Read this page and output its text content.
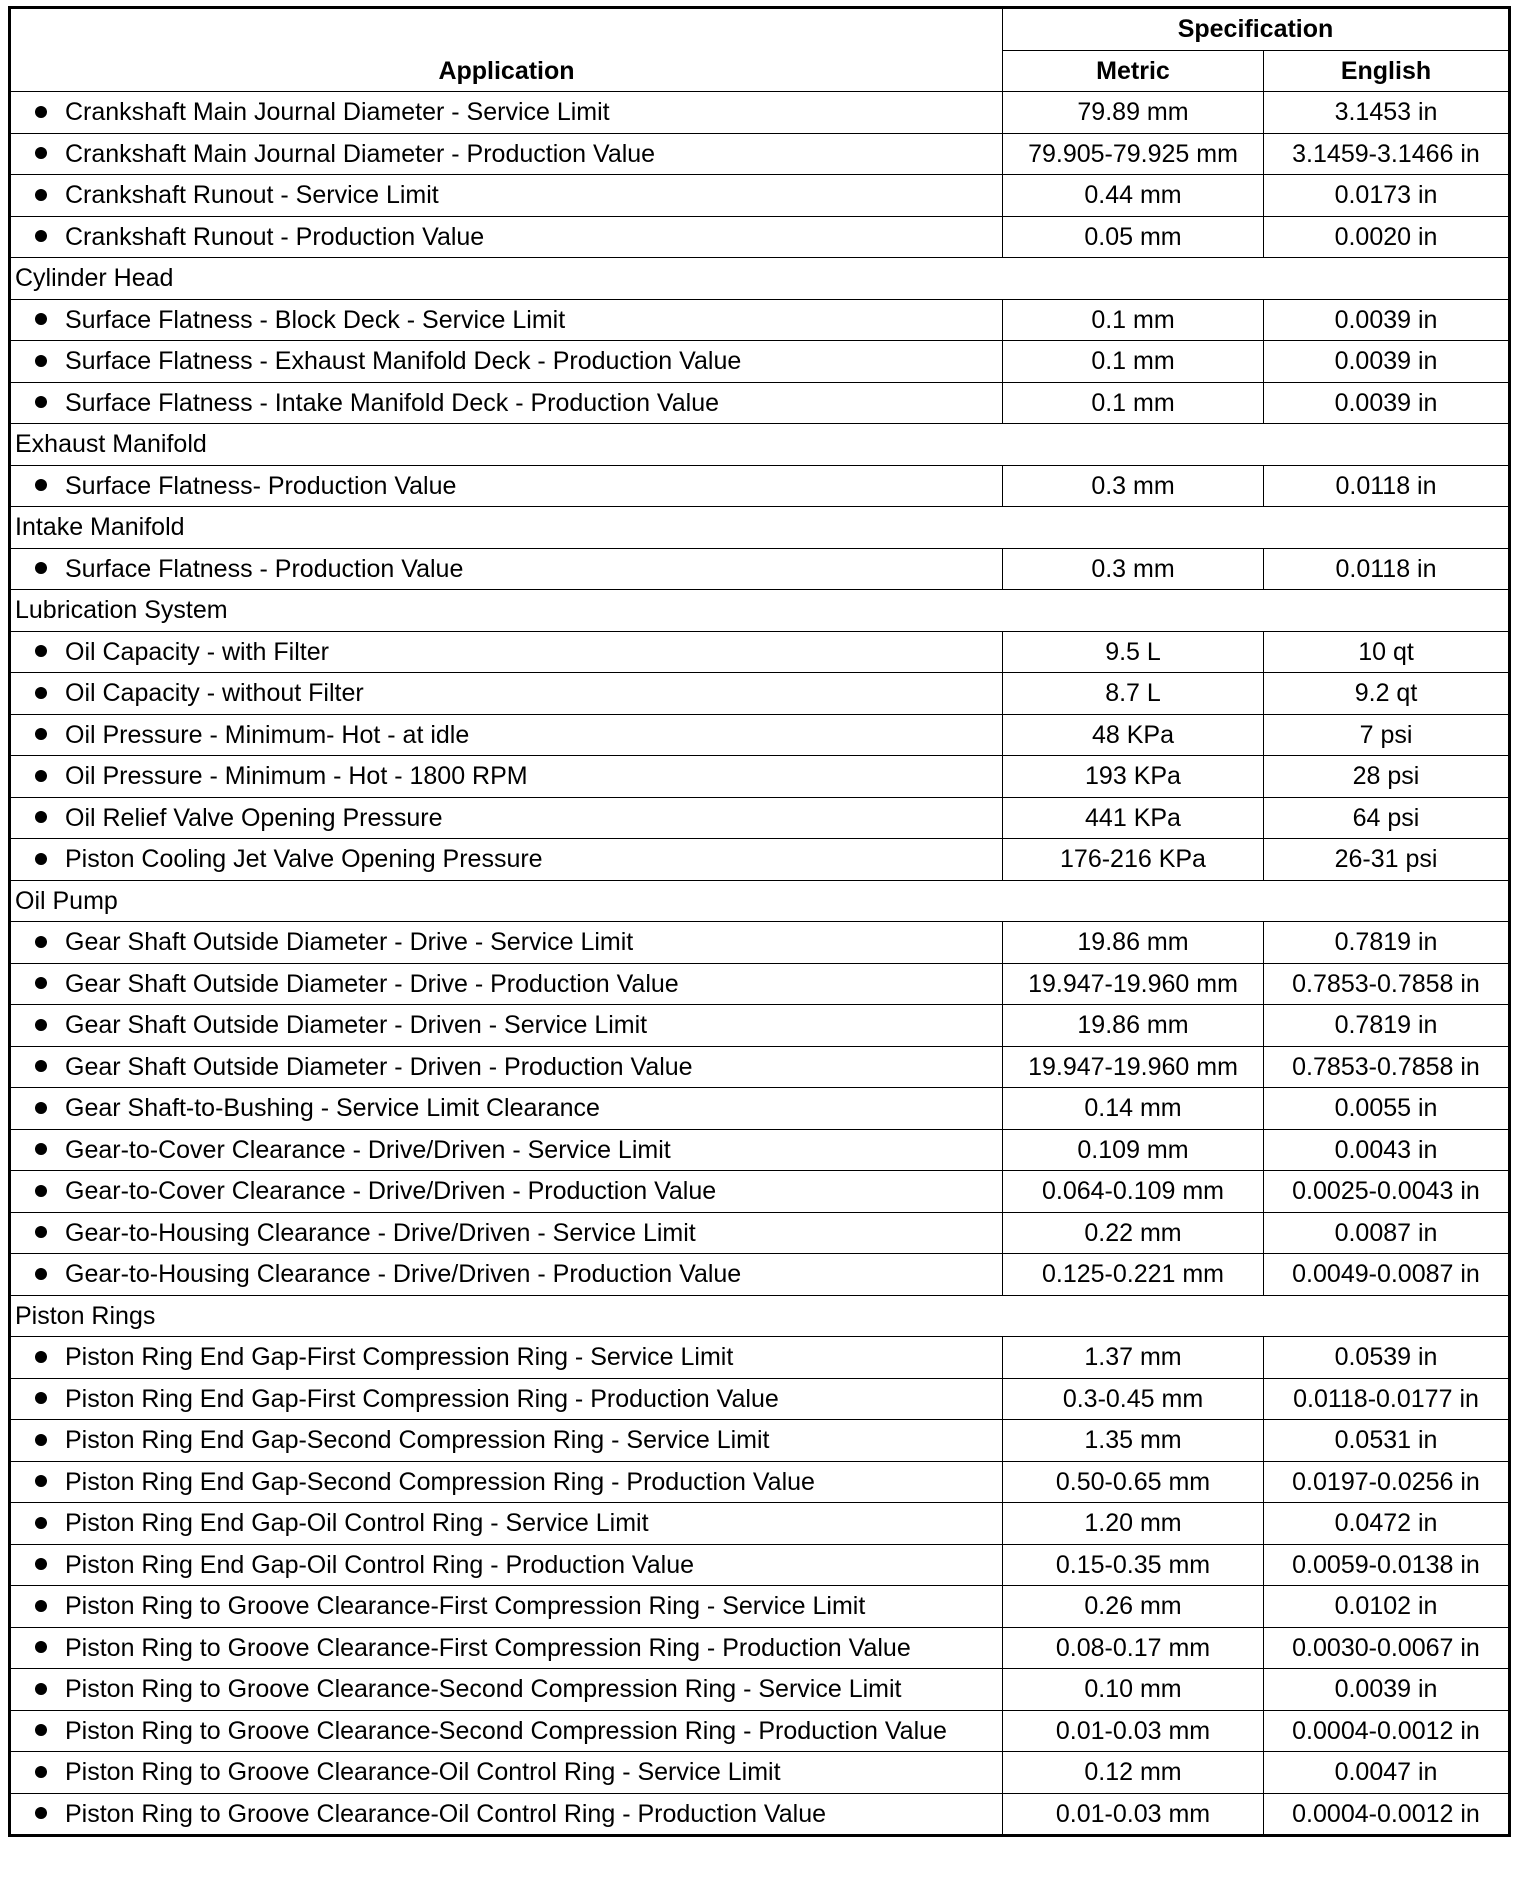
Application	Specification	
	Metric	English
Crankshaft Main Journal Diameter - Service Limit	79.89 mm	3.1453 in
Crankshaft Main Journal Diameter - Production Value	79.905-79.925 mm	3.1459-3.1466 in
Crankshaft Runout - Service Limit	0.44 mm	0.0173 in
Crankshaft Runout - Production Value	0.05 mm	0.0020 in
Cylinder Head		
Surface Flatness - Block Deck - Service Limit	0.1 mm	0.0039 in
Surface Flatness - Exhaust Manifold Deck - Production Value	0.1 mm	0.0039 in
Surface Flatness - Intake Manifold Deck - Production Value	0.1 mm	0.0039 in
Exhaust Manifold		
Surface Flatness- Production Value	0.3 mm	0.0118 in
Intake Manifold		
Surface Flatness - Production Value	0.3 mm	0.0118 in
Lubrication System		
Oil Capacity - with Filter	9.5 L	10 qt
Oil Capacity - without Filter	8.7 L	9.2 qt
Oil Pressure - Minimum- Hot - at idle	48 KPa	7 psi
Oil Pressure - Minimum - Hot - 1800 RPM	193 KPa	28 psi
Oil Relief Valve Opening Pressure	441 KPa	64 psi
Piston Cooling Jet Valve Opening Pressure	176-216 KPa	26-31 psi
Oil Pump		
Gear Shaft Outside Diameter - Drive - Service Limit	19.86 mm	0.7819 in
Gear Shaft Outside Diameter - Drive - Production Value	19.947-19.960 mm	0.7853-0.7858 in
Gear Shaft Outside Diameter - Driven - Service Limit	19.86 mm	0.7819 in
Gear Shaft Outside Diameter - Driven - Production Value	19.947-19.960 mm	0.7853-0.7858 in
Gear Shaft-to-Bushing - Service Limit Clearance	0.14 mm	0.0055 in
Gear-to-Cover Clearance - Drive/Driven - Service Limit	0.109 mm	0.0043 in
Gear-to-Cover Clearance - Drive/Driven - Production Value	0.064-0.109 mm	0.0025-0.0043 in
Gear-to-Housing Clearance - Drive/Driven - Service Limit	0.22 mm	0.0087 in
Gear-to-Housing Clearance - Drive/Driven - Production Value	0.125-0.221 mm	0.0049-0.0087 in
Piston Rings		
Piston Ring End Gap-First Compression Ring - Service Limit	1.37 mm	0.0539 in
Piston Ring End Gap-First Compression Ring - Production Value	0.3-0.45 mm	0.0118-0.0177 in
Piston Ring End Gap-Second Compression Ring - Service Limit	1.35 mm	0.0531 in
Piston Ring End Gap-Second Compression Ring - Production Value	0.50-0.65 mm	0.0197-0.0256 in
Piston Ring End Gap-Oil Control Ring - Service Limit	1.20 mm	0.0472 in
Piston Ring End Gap-Oil Control Ring - Production Value	0.15-0.35 mm	0.0059-0.0138 in
Piston Ring to Groove Clearance-First Compression Ring - Service Limit	0.26 mm	0.0102 in
Piston Ring to Groove Clearance-First Compression Ring - Production Value	0.08-0.17 mm	0.0030-0.0067 in
Piston Ring to Groove Clearance-Second Compression Ring - Service Limit	0.10 mm	0.0039 in
Piston Ring to Groove Clearance-Second Compression Ring - Production Value	0.01-0.03 mm	0.0004-0.0012 in
Piston Ring to Groove Clearance-Oil Control Ring - Service Limit	0.12 mm	0.0047 in
Piston Ring to Groove Clearance-Oil Control Ring - Production Value	0.01-0.03 mm	0.0004-0.0012 in
